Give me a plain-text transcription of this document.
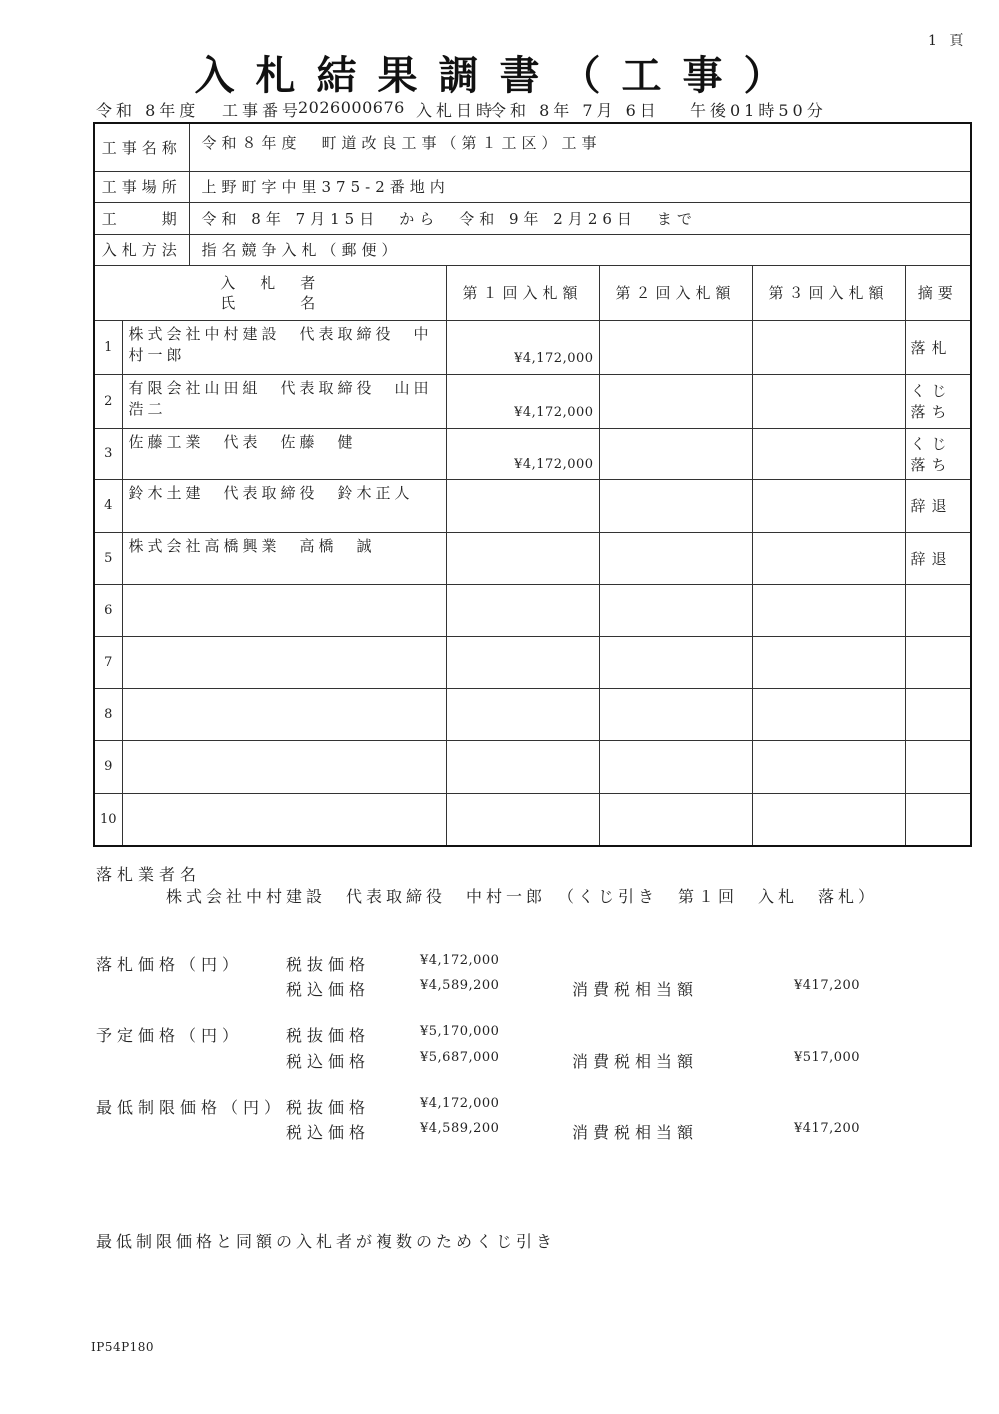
1 頁
入札結果調書（工事）
令和 8年度 工事番号
2026000676 入札日時
令和 8年 7月 6日 午後01時50分
工事名称		令和８年度　町道改良工事（第１工区）工事				
工事場所		上野町字中里375-2番地内				
工　　期		令和 8年 7月15日　から　令和 9年 2月26日　まで				
入札方法		指名競争入札（郵便）				

入　札　者
氏　　　名			第１回入札額	第２回入札額	第３回入札額	摘要
1	株式会社中村建設　代表取締役　中村一郎		¥4,172,000			落札
2	有限会社山田組　代表取締役　山田浩二		¥4,172,000			くじ落ち
3	佐藤工業　代表　佐藤　健		¥4,172,000			くじ落ち
4	鈴木土建　代表取締役　鈴木正人					辞退
5	株式会社高橋興業　高橋　誠					辞退
6						
7						
8						
9						
10						
落札業者名
株式会社中村建設　代表取締役　中村一郎　（くじ引き　第１回　入札　落札）
落札価格（円）	税抜価格	¥4,172,000
税込価格	¥4,589,200	消費税相当額	¥417,200
予定価格（円）　 税抜価格	¥5,170,000
税込価格	¥5,687,000	消費税相当額	¥517,000
最低制限価格（円） 税抜価格	¥4,172,000
税込価格	¥4,589,200	消費税相当額	¥417,200
最低制限価格と同額の入札者が複数のためくじ引き
IP54P180
